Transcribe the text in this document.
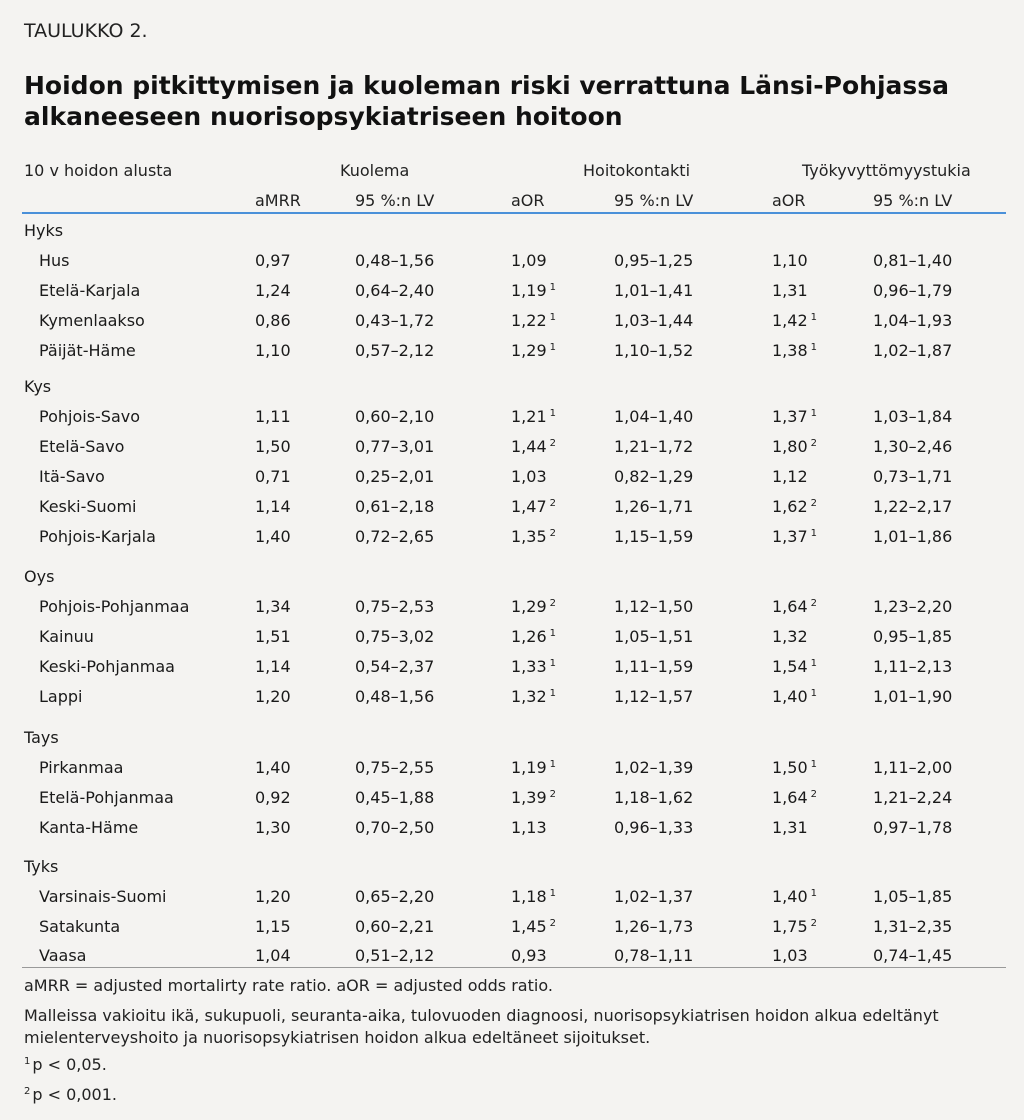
TAULUKKO 2.
Hoidon pitkittymisen ja kuoleman riski verrattuna Länsi-Pohjassa alkaneeseen nuorisopsykiatriseen hoitoon
10 v hoidon alusta	Kuolema	Hoitokontakti	Työkyvyttömyystukia
aMRR	95 %:n LV	aOR	95 %:n LV	aOR	95 %:n LV
Hyks
Hus	0,97	0,48–1,56	1,09	0,95–1,25	1,10	0,81–1,40
Etelä-Karjala	1,24	0,64–2,40	1,19 $^1$	1,01–1,41	1,31	0,96–1,79
Kymenlaakso	0,86	0,43–1,72	1,22 $^1$	1,03–1,44	1,42 $^1$	1,04–1,93
Päijät-Häme	1,10	0,57–2,12	1,29 $^1$	1,10–1,52	1,38 $^1$	1,02–1,87
Kys
Pohjois-Savo	1,11	0,60–2,10	1,21 $^1$	1,04–1,40	1,37 $^1$	1,03–1,84
Etelä-Savo	1,50	0,77–3,01	1,44 $^2$	1,21–1,72	1,80 $^2$	1,30–2,46
Itä-Savo	0,71	0,25–2,01	1,03	0,82–1,29	1,12	0,73–1,71
Keski-Suomi	1,14	0,61–2,18	1,47 $^2$	1,26–1,71	1,62 $^2$	1,22–2,17
Pohjois-Karjala	1,40	0,72–2,65	1,35 $^2$	1,15–1,59	1,37 $^1$	1,01–1,86
Oys
Pohjois-Pohjanmaa	1,34	0,75–2,53	1,29 $^2$	1,12–1,50	1,64 $^2$	1,23–2,20
Kainuu	1,51	0,75–3,02	1,26 $^1$	1,05–1,51	1,32	0,95–1,85
Keski-Pohjanmaa	1,14	0,54–2,37	1,33 $^1$	1,11–1,59	1,54 $^1$	1,11–2,13
Lappi	1,20	0,48–1,56	1,32 $^1$	1,12–1,57	1,40 $^1$	1,01–1,90
Tays
Pirkanmaa	1,40	0,75–2,55	1,19 $^1$	1,02–1,39	1,50 $^1$	1,11–2,00
Etelä-Pohjanmaa	0,92	0,45–1,88	1,39 $^2$	1,18–1,62	1,64 $^2$	1,21–2,24
Kanta-Häme	1,30	0,70–2,50	1,13	0,96–1,33	1,31	0,97–1,78
Tyks
Varsinais-Suomi	1,20	0,65–2,20	1,18 $^1$	1,02–1,37	1,40 $^1$	1,05–1,85
Satakunta	1,15	0,60–2,21	1,45 $^2$	1,26–1,73	1,75 $^2$	1,31–2,35
Vaasa	1,04	0,51–2,12	0,93	0,78–1,11	1,03	0,74–1,45
aMRR = adjusted mortalirty rate ratio. aOR = adjusted odds ratio.
Malleissa vakioitu ikä, sukupuoli, seuranta-aika, tulovuoden diagnoosi, nuorisopsykiatrisen hoidon alkua edeltänyt mielenterveyshoito ja nuorisopsykiatrisen hoidon alkua edeltäneet sijoitukset.
$^1$ p < 0,05.
$^2$ p < 0,001.
